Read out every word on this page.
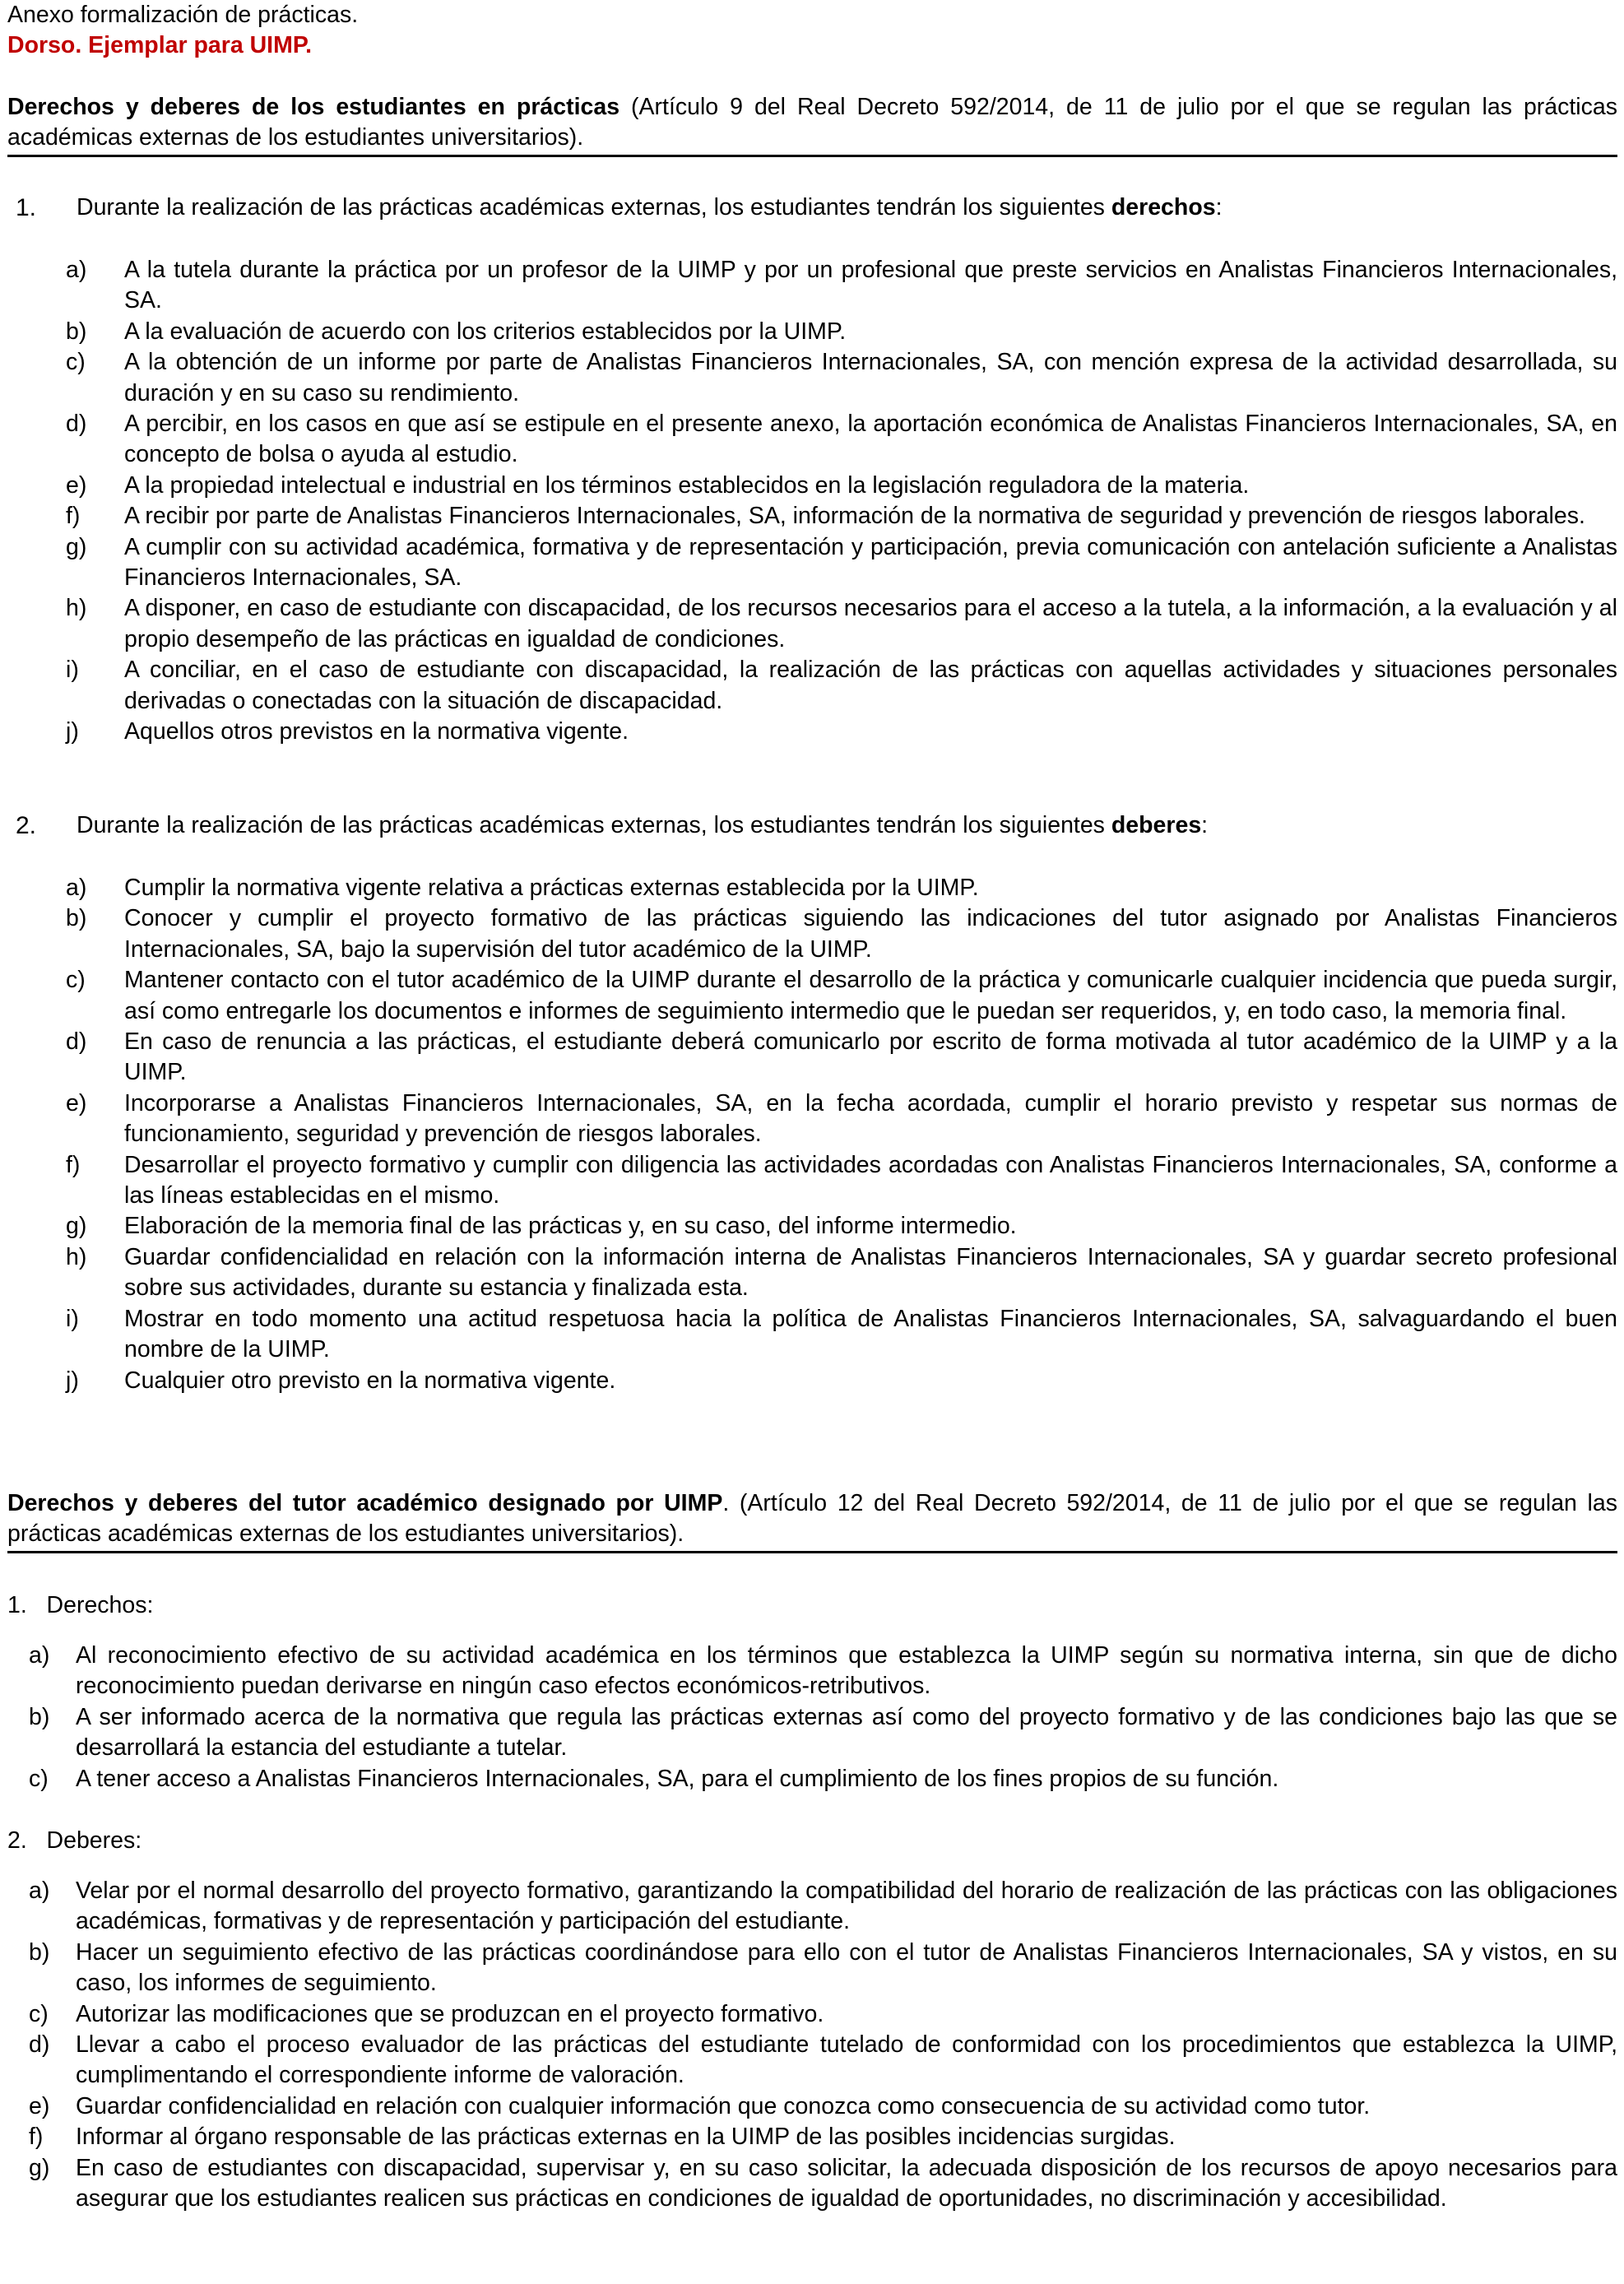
Anexo formalización de prácticas.
Dorso. Ejemplar para UIMP.
Derechos y deberes de los estudiantes en prácticas (Artículo 9 del Real Decreto 592/2014, de 11 de julio por el que se regulan las prácticas académicas externas de los estudiantes universitarios).
1. Durante la realización de las prácticas académicas externas, los estudiantes tendrán los siguientes derechos:
a) A la tutela durante la práctica por un profesor de la UIMP y por un profesional que preste servicios en Analistas Financieros Internacionales, SA.
b) A la evaluación de acuerdo con los criterios establecidos por la UIMP.
c) A la obtención de un informe por parte de Analistas Financieros Internacionales, SA, con mención expresa de la actividad desarrollada, su duración y en su caso su rendimiento.
d) A percibir, en los casos en que así se estipule en el presente anexo, la aportación económica de Analistas Financieros Internacionales, SA, en concepto de bolsa o ayuda al estudio.
e) A la propiedad intelectual e industrial en los términos establecidos en la legislación reguladora de la materia.
f) A recibir por parte de Analistas Financieros Internacionales, SA, información de la normativa de seguridad y prevención de riesgos laborales.
g) A cumplir con su actividad académica, formativa y de representación y participación, previa comunicación con antelación suficiente a Analistas Financieros Internacionales, SA.
h) A disponer, en caso de estudiante con discapacidad, de los recursos necesarios para el acceso a la tutela, a la información, a la evaluación y al propio desempeño de las prácticas en igualdad de condiciones.
i) A conciliar, en el caso de estudiante con discapacidad, la realización de las prácticas con aquellas actividades y situaciones personales derivadas o conectadas con la situación de discapacidad.
j) Aquellos otros previstos en la normativa vigente.
2. Durante la realización de las prácticas académicas externas, los estudiantes tendrán los siguientes deberes:
a) Cumplir la normativa vigente relativa a prácticas externas establecida por la UIMP.
b) Conocer y cumplir el proyecto formativo de las prácticas siguiendo las indicaciones del tutor asignado por Analistas Financieros Internacionales, SA, bajo la supervisión del tutor académico de la UIMP.
c) Mantener contacto con el tutor académico de la UIMP durante el desarrollo de la práctica y comunicarle cualquier incidencia que pueda surgir, así como entregarle los documentos e informes de seguimiento intermedio que le puedan ser requeridos, y, en todo caso, la memoria final.
d) En caso de renuncia a las prácticas, el estudiante deberá comunicarlo por escrito de forma motivada al tutor académico de la UIMP y a la UIMP.
e) Incorporarse a Analistas Financieros Internacionales, SA, en la fecha acordada, cumplir el horario previsto y respetar sus normas de funcionamiento, seguridad y prevención de riesgos laborales.
f) Desarrollar el proyecto formativo y cumplir con diligencia las actividades acordadas con Analistas Financieros Internacionales, SA, conforme a las líneas establecidas en el mismo.
g) Elaboración de la memoria final de las prácticas y, en su caso, del informe intermedio.
h) Guardar confidencialidad en relación con la información interna de Analistas Financieros Internacionales, SA y guardar secreto profesional sobre sus actividades, durante su estancia y finalizada esta.
i) Mostrar en todo momento una actitud respetuosa hacia la política de Analistas Financieros Internacionales, SA, salvaguardando el buen nombre de la UIMP.
j) Cualquier otro previsto en la normativa vigente.
Derechos y deberes del tutor académico designado por UIMP. (Artículo 12 del Real Decreto 592/2014, de 11 de julio por el que se regulan las prácticas académicas externas de los estudiantes universitarios).
1.   Derechos:
a) Al reconocimiento efectivo de su actividad académica en los términos que establezca la UIMP según su normativa interna, sin que de dicho reconocimiento puedan derivarse en ningún caso efectos económicos-retributivos.
b) A ser informado acerca de la normativa que regula las prácticas externas así como del proyecto formativo y de las condiciones bajo las que se desarrollará la estancia del estudiante a tutelar.
c) A tener acceso a Analistas Financieros Internacionales, SA, para el cumplimiento de los fines propios de su función.
2.   Deberes:
a) Velar por el normal desarrollo del proyecto formativo, garantizando la compatibilidad del horario de realización de las prácticas con las obligaciones académicas, formativas y de representación y participación del estudiante.
b) Hacer un seguimiento efectivo de las prácticas coordinándose para ello con el tutor de Analistas Financieros Internacionales, SA y vistos, en su caso, los informes de seguimiento.
c) Autorizar las modificaciones que se produzcan en el proyecto formativo.
d) Llevar a cabo el proceso evaluador de las prácticas del estudiante tutelado de conformidad con los procedimientos que establezca la UIMP, cumplimentando el correspondiente informe de valoración.
e) Guardar confidencialidad en relación con cualquier información que conozca como consecuencia de su actividad como tutor.
f) Informar al órgano responsable de las prácticas externas en la UIMP de las posibles incidencias surgidas.
g) En caso de estudiantes con discapacidad, supervisar y, en su caso solicitar, la adecuada disposición de los recursos de apoyo necesarios para asegurar que los estudiantes realicen sus prácticas en condiciones de igualdad de oportunidades, no discriminación y accesibilidad.
